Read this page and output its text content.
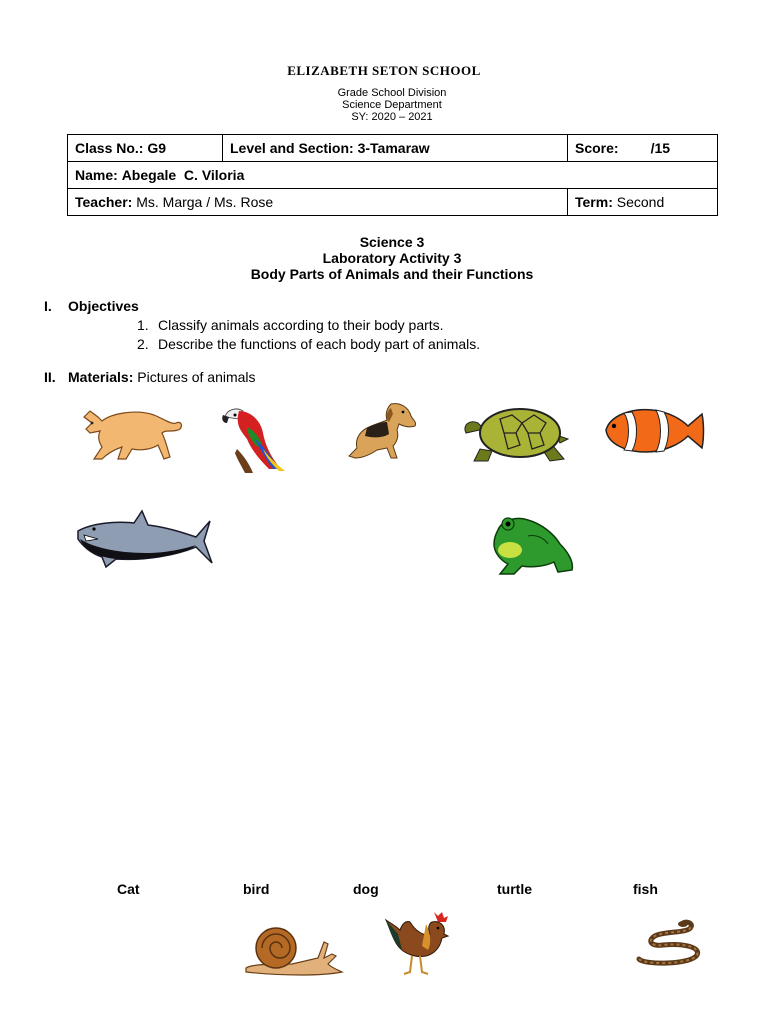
ELIZABETH SETON SCHOOL
Grade School Division
Science Department
SY: 2020 – 2021
Class No.: G9	Level and Section: 3-Tamaraw	Score: /15
Name: Abegale  C. Viloria		
Teacher: Ms. Marga / Ms. Rose		Term: Second
Science 3
Laboratory Activity 3
Body Parts of Animals and their Functions
I. Objectives
1. Classify animals according to their body parts.
2. Describe the functions of each body part of animals.
II. Materials: Pictures of animals
Cat	bird	dog	turtle	fish
